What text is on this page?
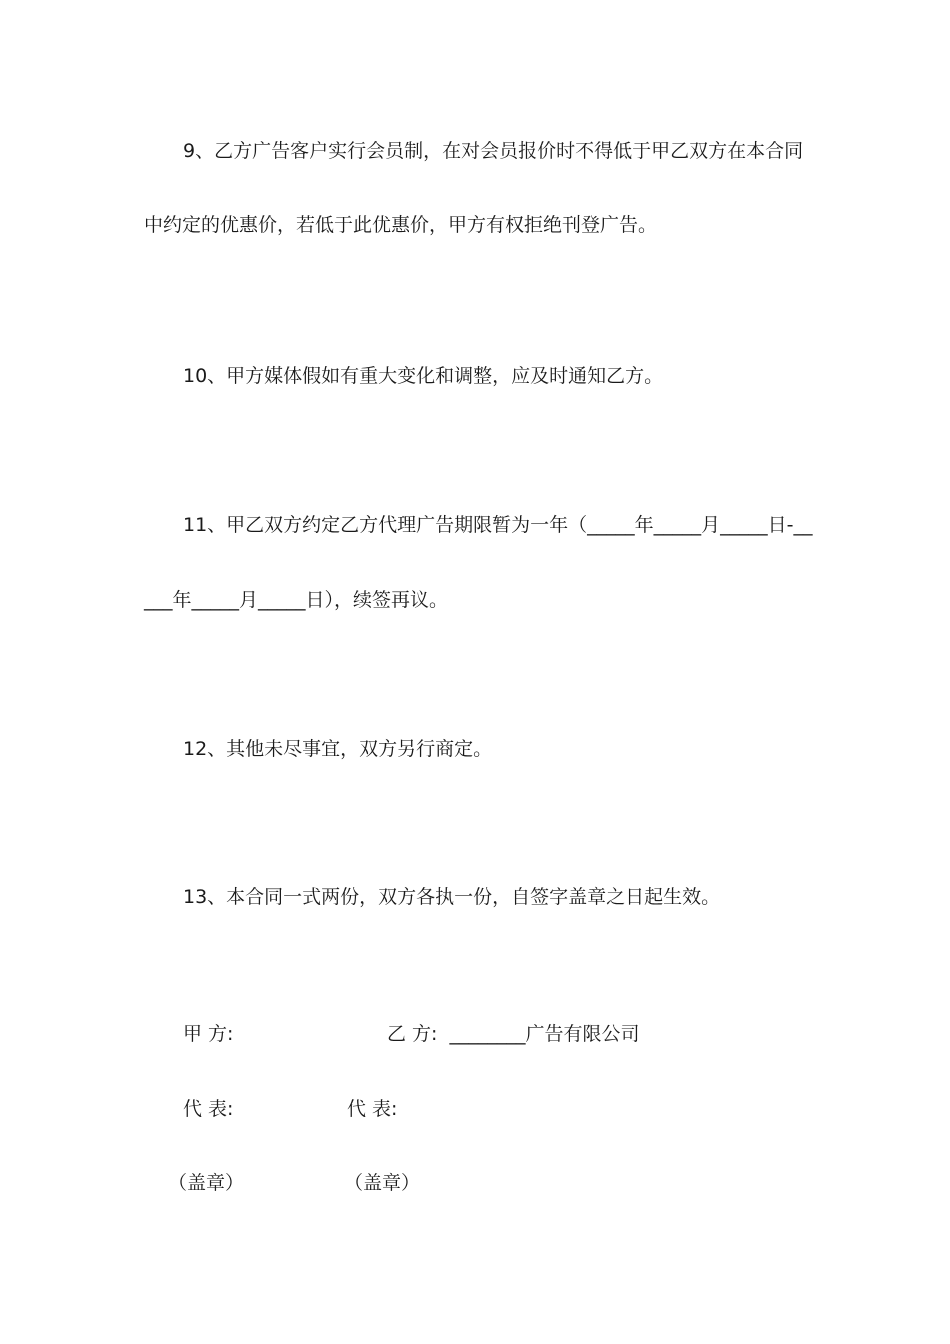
9、乙方广告客户实行会员制，在对会员报价时不得低于甲乙双方在本合同

中约定的优惠价，若低于此优惠价，甲方有权拒绝刊登广告。

10、甲方媒体假如有重大变化和调整，应及时通知乙方。

11、甲乙双方约定乙方代理广告期限暂为一年（_____年_____月_____日-__

___年_____月_____日），续签再议。

12、其他未尽事宜，双方另行商定。

13、本合同一式两份，双方各执一份，自签字盖章之日起生效。

甲 方:	乙 方:  ________广告有限公司

代 表:	代 表:

（盖章）	（盖章）
